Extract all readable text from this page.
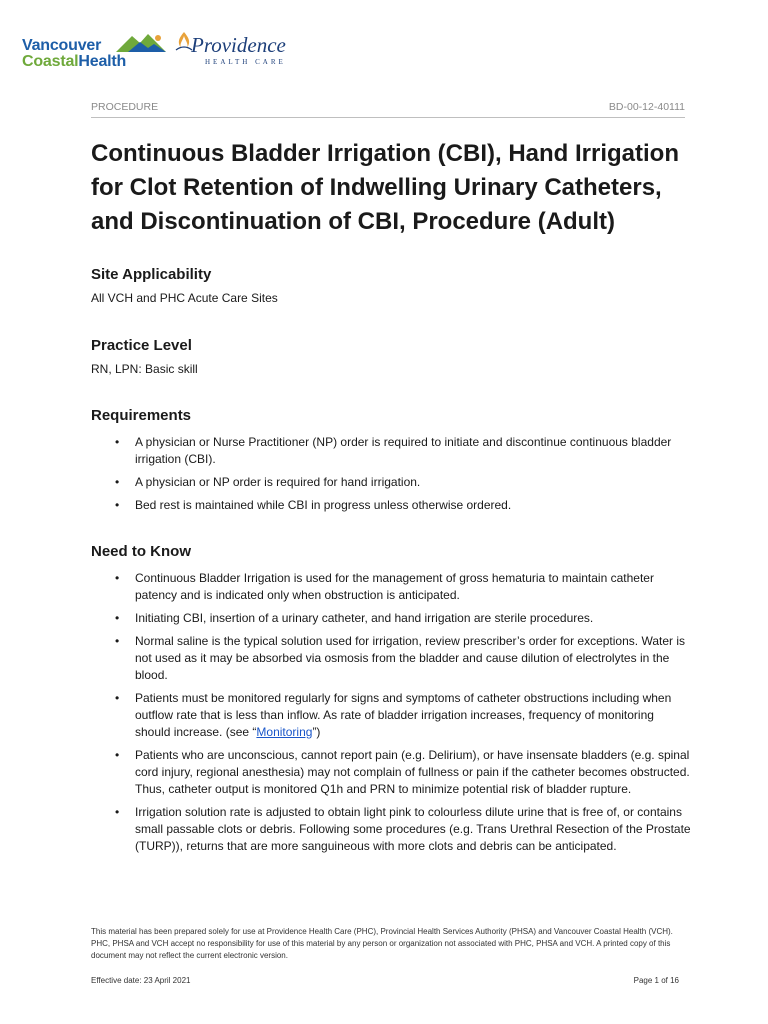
Vancouver
CoastalHealth
Providence
HEALTH CARE
PROCEDURE	BD-00-12-40111
Continuous Bladder Irrigation (CBI), Hand Irrigation for Clot Retention of Indwelling Urinary Catheters, and Discontinuation of CBI, Procedure (Adult)
Site Applicability

All VCH and PHC Acute Care Sites

Practice Level

RN, LPN: Basic skill

Requirements
• A physician or Nurse Practitioner (NP) order is required to initiate and discontinue continuous bladder irrigation (CBI).
• A physician or NP order is required for hand irrigation.
• Bed rest is maintained while CBI in progress unless otherwise ordered.
Need to Know
• Continuous Bladder Irrigation is used for the management of gross hematuria to maintain catheter patency and is indicated only when obstruction is anticipated.
• Initiating CBI, insertion of a urinary catheter, and hand irrigation are sterile procedures.
• Normal saline is the typical solution used for irrigation, review prescriber’s order for exceptions. Water is not used as it may be absorbed via osmosis from the bladder and cause dilution of electrolytes in the blood.
• Patients must be monitored regularly for signs and symptoms of catheter obstructions including when outflow rate that is less than inflow. As rate of bladder irrigation increases, frequency of monitoring should increase. (see “Monitoring”)
• Patients who are unconscious, cannot report pain (e.g. Delirium), or have insensate bladders (e.g. spinal cord injury, regional anesthesia) may not complain of fullness or pain if the catheter becomes obstructed. Thus, catheter output is monitored Q1h and PRN to minimize potential risk of bladder rupture.
• Irrigation solution rate is adjusted to obtain light pink to colourless dilute urine that is free of, or contains small passable clots or debris. Following some procedures (e.g. Trans Urethral Resection of the Prostate (TURP)), returns that are more sanguineous with more clots and debris can be anticipated.
This material has been prepared solely for use at Providence Health Care (PHC), Provincial Health Services Authority (PHSA) and Vancouver Coastal Health (VCH). PHC, PHSA and VCH accept no responsibility for use of this material by any person or organization not associated with PHC, PHSA and VCH. A printed copy of this document may not reflect the current electronic version.
Effective date: 23 April 2021	Page 1 of 16
